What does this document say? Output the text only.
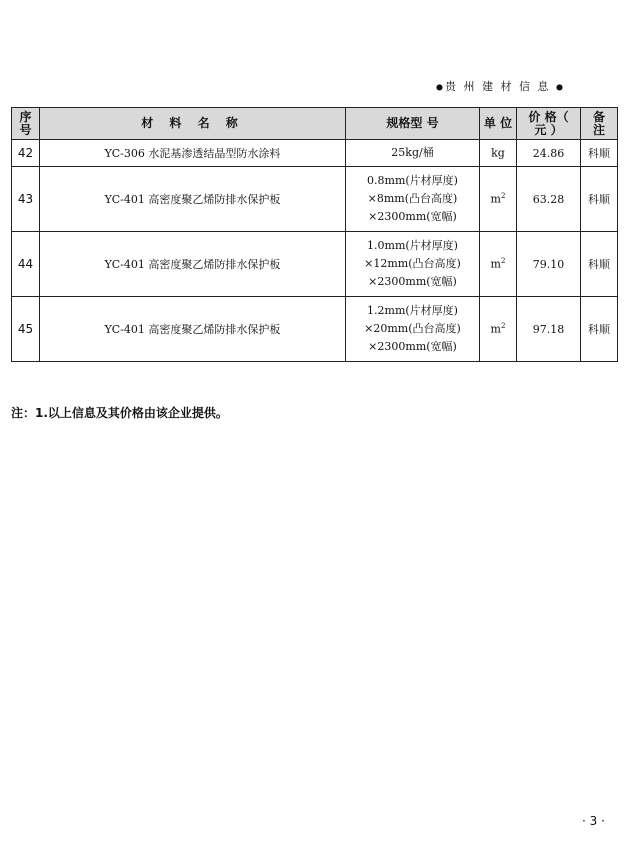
●贵 州 建 材 信 息 ●
序号	材 料 名 称	规格型 号	单 位	价 格（ 元 ）	备注
42	YC-306 水泥基渗透结晶型防水涂料	25kg/桶	kg	24.86	科顺
43	YC-401 高密度聚乙烯防排水保护板	0.8mm(片材厚度)
×8mm(凸台高度)
×2300mm(宽幅)	$m^2$	63.28	科顺
44	YC-401 高密度聚乙烯防排水保护板	1.0mm(片材厚度)
×12mm(凸台高度)
×2300mm(宽幅)	$m^2$	79.10	科顺
45	YC-401 高密度聚乙烯防排水保护板	1.2mm(片材厚度)
×20mm(凸台高度)
×2300mm(宽幅)	$m^2$	97.18	科顺
注：1.以上信息及其价格由该企业提供。
· 3 ·
